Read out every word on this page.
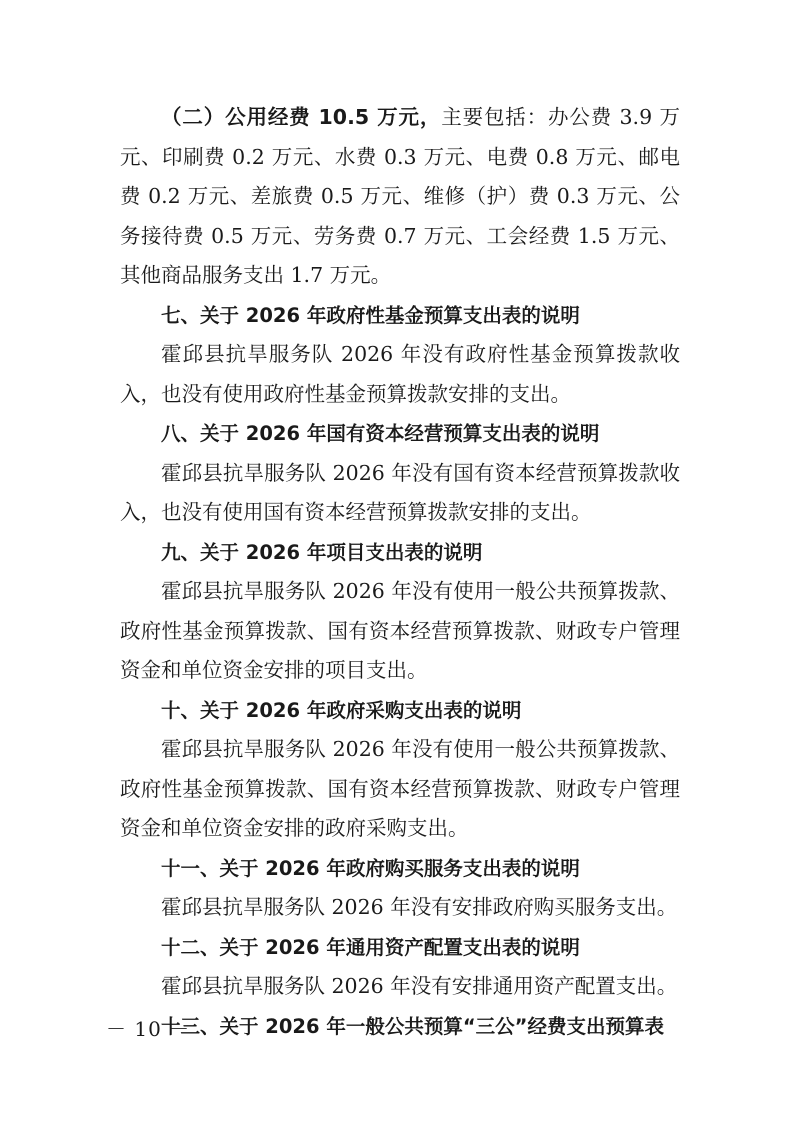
（二）公用经费 10.5 万元，主要包括：办公费 3.9 万元、印刷费 0.2 万元、水费 0.3 万元、电费 0.8 万元、邮电费 0.2 万元、差旅费 0.5 万元、维修（护）费 0.3 万元、公务接待费 0.5 万元、劳务费 0.7 万元、工会经费 1.5 万元、其他商品服务支出 1.7 万元。

七、关于 2026 年政府性基金预算支出表的说明

霍邱县抗旱服务队 2026 年没有政府性基金预算拨款收入，也没有使用政府性基金预算拨款安排的支出。

八、关于 2026 年国有资本经营预算支出表的说明

霍邱县抗旱服务队 2026 年没有国有资本经营预算拨款收入，也没有使用国有资本经营预算拨款安排的支出。

九、关于 2026 年项目支出表的说明

霍邱县抗旱服务队 2026 年没有使用一般公共预算拨款、政府性基金预算拨款、国有资本经营预算拨款、财政专户管理资金和单位资金安排的项目支出。

十、关于 2026 年政府采购支出表的说明

霍邱县抗旱服务队 2026 年没有使用一般公共预算拨款、政府性基金预算拨款、国有资本经营预算拨款、财政专户管理资金和单位资金安排的政府采购支出。

十一、关于 2026 年政府购买服务支出表的说明

霍邱县抗旱服务队 2026 年没有安排政府购买服务支出。

十二、关于 2026 年通用资产配置支出表的说明

霍邱县抗旱服务队 2026 年没有安排通用资产配置支出。

十三、关于 2026 年一般公共预算“三公”经费支出预算表

－ 10 －
